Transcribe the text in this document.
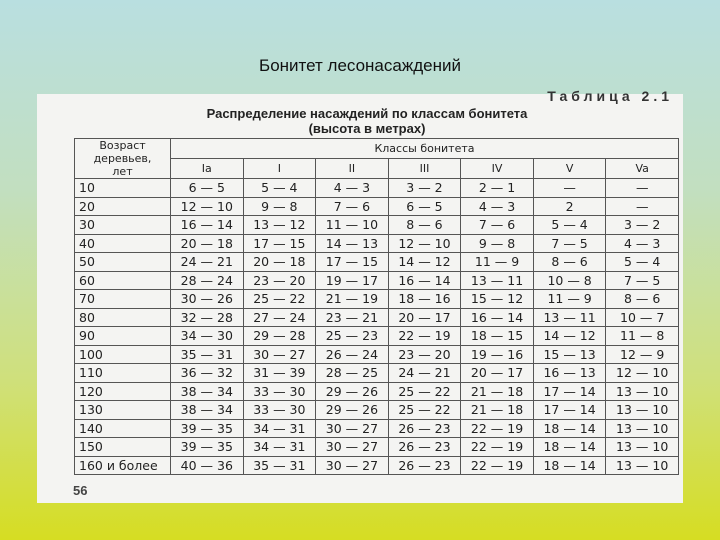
Бонитет лесонасаждений
Таблица 2.1
Распределение насаждений по классам бонитета
(высота в метрах)
Возраст
деревьев,
лет	Классы бонитета						
	Ia	I	II	III	IV	V	Va
10	6 — 5	5 — 4	4 — 3	3 — 2	2 — 1	—	—
20	12 — 10	9 — 8	7 — 6	6 — 5	4 — 3	2	—
30	16 — 14	13 — 12	11 — 10	8 — 6	7 — 6	5 — 4	3 — 2
40	20 — 18	17 — 15	14 — 13	12 — 10	9 — 8	7 — 5	4 — 3
50	24 — 21	20 — 18	17 — 15	14 — 12	11 — 9	8 — 6	5 — 4
60	28 — 24	23 — 20	19 — 17	16 — 14	13 — 11	10 — 8	7 — 5
70	30 — 26	25 — 22	21 — 19	18 — 16	15 — 12	11 — 9	8 — 6
80	32 — 28	27 — 24	23 — 21	20 — 17	16 — 14	13 — 11	10 — 7
90	34 — 30	29 — 28	25 — 23	22 — 19	18 — 15	14 — 12	11 — 8
100	35 — 31	30 — 27	26 — 24	23 — 20	19 — 16	15 — 13	12 — 9
110	36 — 32	31 — 39	28 — 25	24 — 21	20 — 17	16 — 13	12 — 10
120	38 — 34	33 — 30	29 — 26	25 — 22	21 — 18	17 — 14	13 — 10
130	38 — 34	33 — 30	29 — 26	25 — 22	21 — 18	17 — 14	13 — 10
140	39 — 35	34 — 31	30 — 27	26 — 23	22 — 19	18 — 14	13 — 10
150	39 — 35	34 — 31	30 — 27	26 — 23	22 — 19	18 — 14	13 — 10
160 и более	40 — 36	35 — 31	30 — 27	26 — 23	22 — 19	18 — 14	13 — 10
56
